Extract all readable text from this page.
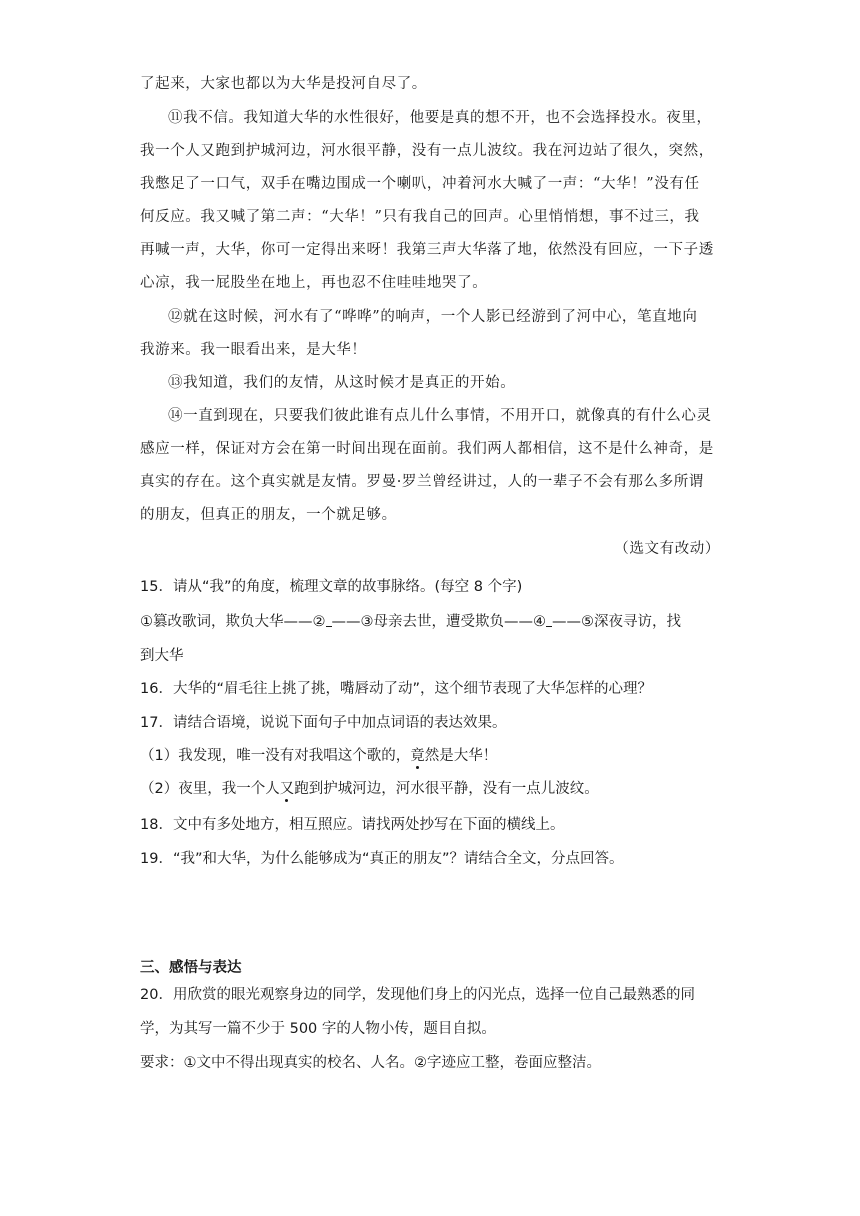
了起来，大家也都以为大华是投河自尽了。
⑪我不信。我知道大华的水性很好，他要是真的想不开，也不会选择投水。夜里，
我一个人又跑到护城河边，河水很平静，没有一点儿波纹。我在河边站了很久，突然，
我憋足了一口气，双手在嘴边围成一个喇叭，冲着河水大喊了一声：“大华！”没有任
何反应。我又喊了第二声：“大华！”只有我自己的回声。心里悄悄想，事不过三，我
再喊一声，大华，你可一定得出来呀！我第三声大华落了地，依然没有回应，一下子透
心凉，我一屁股坐在地上，再也忍不住哇哇地哭了。
⑫就在这时候，河水有了“哗哗”的响声，一个人影已经游到了河中心，笔直地向
我游来。我一眼看出来，是大华！
⑬我知道，我们的友情，从这时候才是真正的开始。
⑭一直到现在，只要我们彼此谁有点儿什么事情，不用开口，就像真的有什么心灵
感应一样，保证对方会在第一时间出现在面前。我们两人都相信，这不是什么神奇，是
真实的存在。这个真实就是友情。罗曼·罗兰曾经讲过，人的一辈子不会有那么多所谓
的朋友，但真正的朋友，一个就足够。
（选文有改动）
15．请从“我”的角度，梳理文章的故事脉络。(每空 8 个字)
①篡改歌词，欺负大华——② ——③母亲去世，遭受欺负——④ ——⑤深夜寻访，找
到大华
16．大华的“眉毛往上挑了挑，嘴唇动了动”，这个细节表现了大华怎样的心理？
17．请结合语境，说说下面句子中加点词语的表达效果。
（1）我发现，唯一没有对我唱这个歌的，竟然是大华！
（2）夜里，我一个人又跑到护城河边，河水很平静，没有一点儿波纹。
18．文中有多处地方，相互照应。请找两处抄写在下面的横线上。
19．“我”和大华，为什么能够成为“真正的朋友”？请结合全文，分点回答。
三、感悟与表达
20．用欣赏的眼光观察身边的同学，发现他们身上的闪光点，选择一位自己最熟悉的同
学，为其写一篇不少于 500 字的人物小传，题目自拟。
要求：①文中不得出现真实的校名、人名。②字迹应工整，卷面应整洁。
